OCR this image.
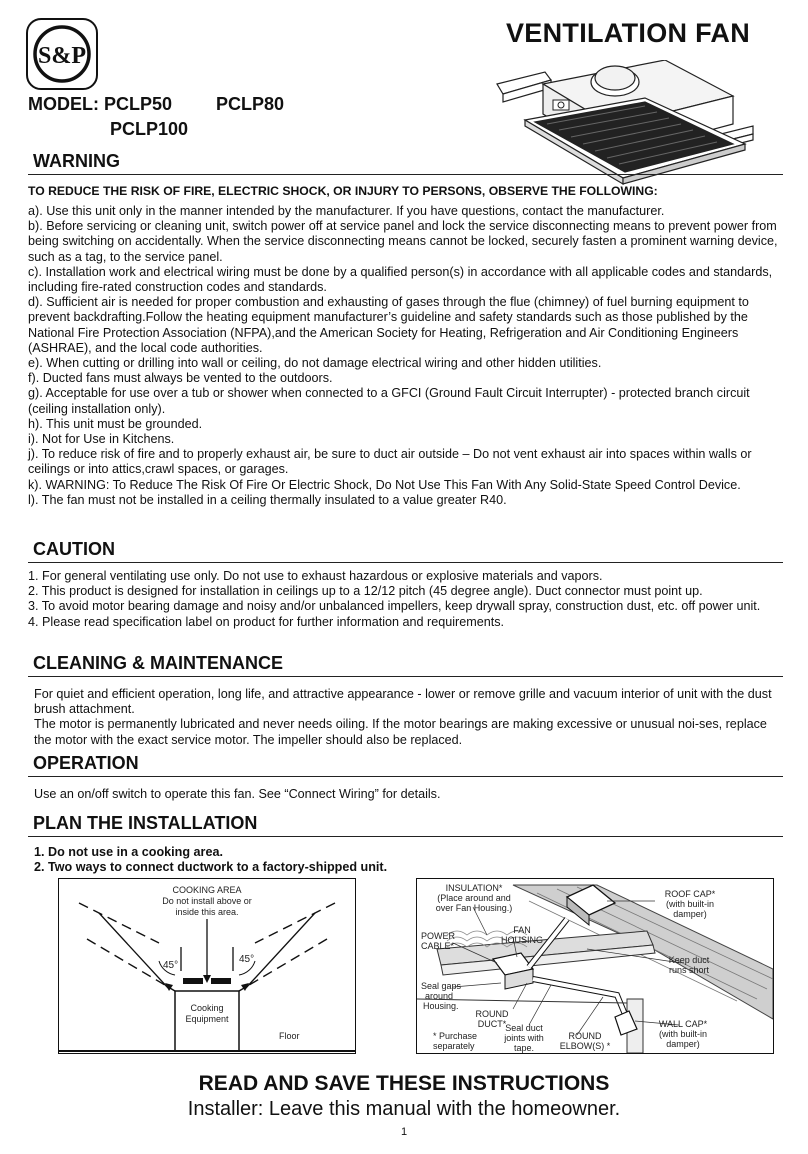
S&P
VENTILATION FAN
MODEL: PCLP50	PCLP80
PCLP100
WARNING
TO REDUCE THE RISK OF FIRE, ELECTRIC SHOCK, OR INJURY TO PERSONS, OBSERVE THE FOLLOWING:

a). Use this unit only in the manner intended by the manufacturer. If you have questions, contact the manufacturer.

b). Before servicing or cleaning unit, switch power off at service panel and lock the service disconnecting means to prevent power from being switching on accidentally. When the service disconnecting means cannot be locked, securely fasten a prominent warning device, such as a tag, to the service panel.

c). Installation work and electrical wiring must be done by a qualified person(s) in accordance with all applicable codes and standards, including fire-rated construction codes and standards.

d). Sufficient air is needed for proper combustion and exhausting of gases through the flue (chimney) of fuel burning equipment to prevent backdrafting.Follow the heating equipment manufacturer’s guideline and safety standards such as those published by the National Fire Protection Association (NFPA),and the American Society for Heating, Refrigeration and Air Conditioning Engineers (ASHRAE), and the local code authorities.

e). When cutting or drilling into wall or ceiling, do not damage electrical wiring and other hidden utilities.

f). Ducted fans must always be vented to the outdoors.

g). Acceptable for use over a tub or shower when connected to a GFCI (Ground Fault Circuit Interrupter) - protected branch circuit (ceiling installation only).

h). This unit must be grounded.

i). Not for Use in Kitchens.

j). To reduce risk of fire and to properly exhaust air, be sure to duct air outside – Do not vent exhaust air into spaces within walls or ceilings or into attics,crawl spaces, or garages.

k). WARNING: To Reduce The Risk Of Fire Or Electric Shock, Do Not Use This Fan With Any Solid-State Speed Control Device.

l). The fan must not be installed in a ceiling thermally insulated to a value greater R40.

CAUTION

1. For general ventilating use only. Do not use to exhaust hazardous or explosive materials and vapors.

2. This product is designed for installation in ceilings up to a 12/12 pitch (45 degree angle). Duct connector must point up.

3. To avoid motor bearing damage and noisy and/or unbalanced impellers, keep drywall spray, construction dust, etc. off power unit.

4. Please read specification label on product for further information and requirements.

CLEANING & MAINTENANCE

For quiet and efficient operation, long life, and attractive appearance - lower or remove grille and vacuum interior of unit with the dust brush attachment.

The motor is permanently lubricated and never needs oiling. If the motor bearings are making excessive or unusual noi-ses, replace the motor with the exact service motor. The impeller should also be replaced.

OPERATION
Use an on/off switch to operate this fan. See “Connect Wiring” for details.
PLAN THE INSTALLATION

1. Do not use in a cooking area.

2. Two ways to connect ductwork to a factory-shipped unit.

COOKING AREA
Do not install above or
inside this area.
45°
45°
Cooking
Equipment
Floor
INSULATION*
(Place around and
over Fan Housing.)
ROOF CAP*
(with built-in
damper)
POWER
CABLE*
FAN
HOUSING
Keep duct
runs short
Seal gaps
around
Housing.
ROUND
DUCT*	WALL CAP*
(with built-in
damper)
* Purchase
separately
Seal duct
joints with
tape.
ROUND
ELBOW(S) *
READ AND SAVE THESE INSTRUCTIONS
Installer: Leave this manual with the homeowner.
1
